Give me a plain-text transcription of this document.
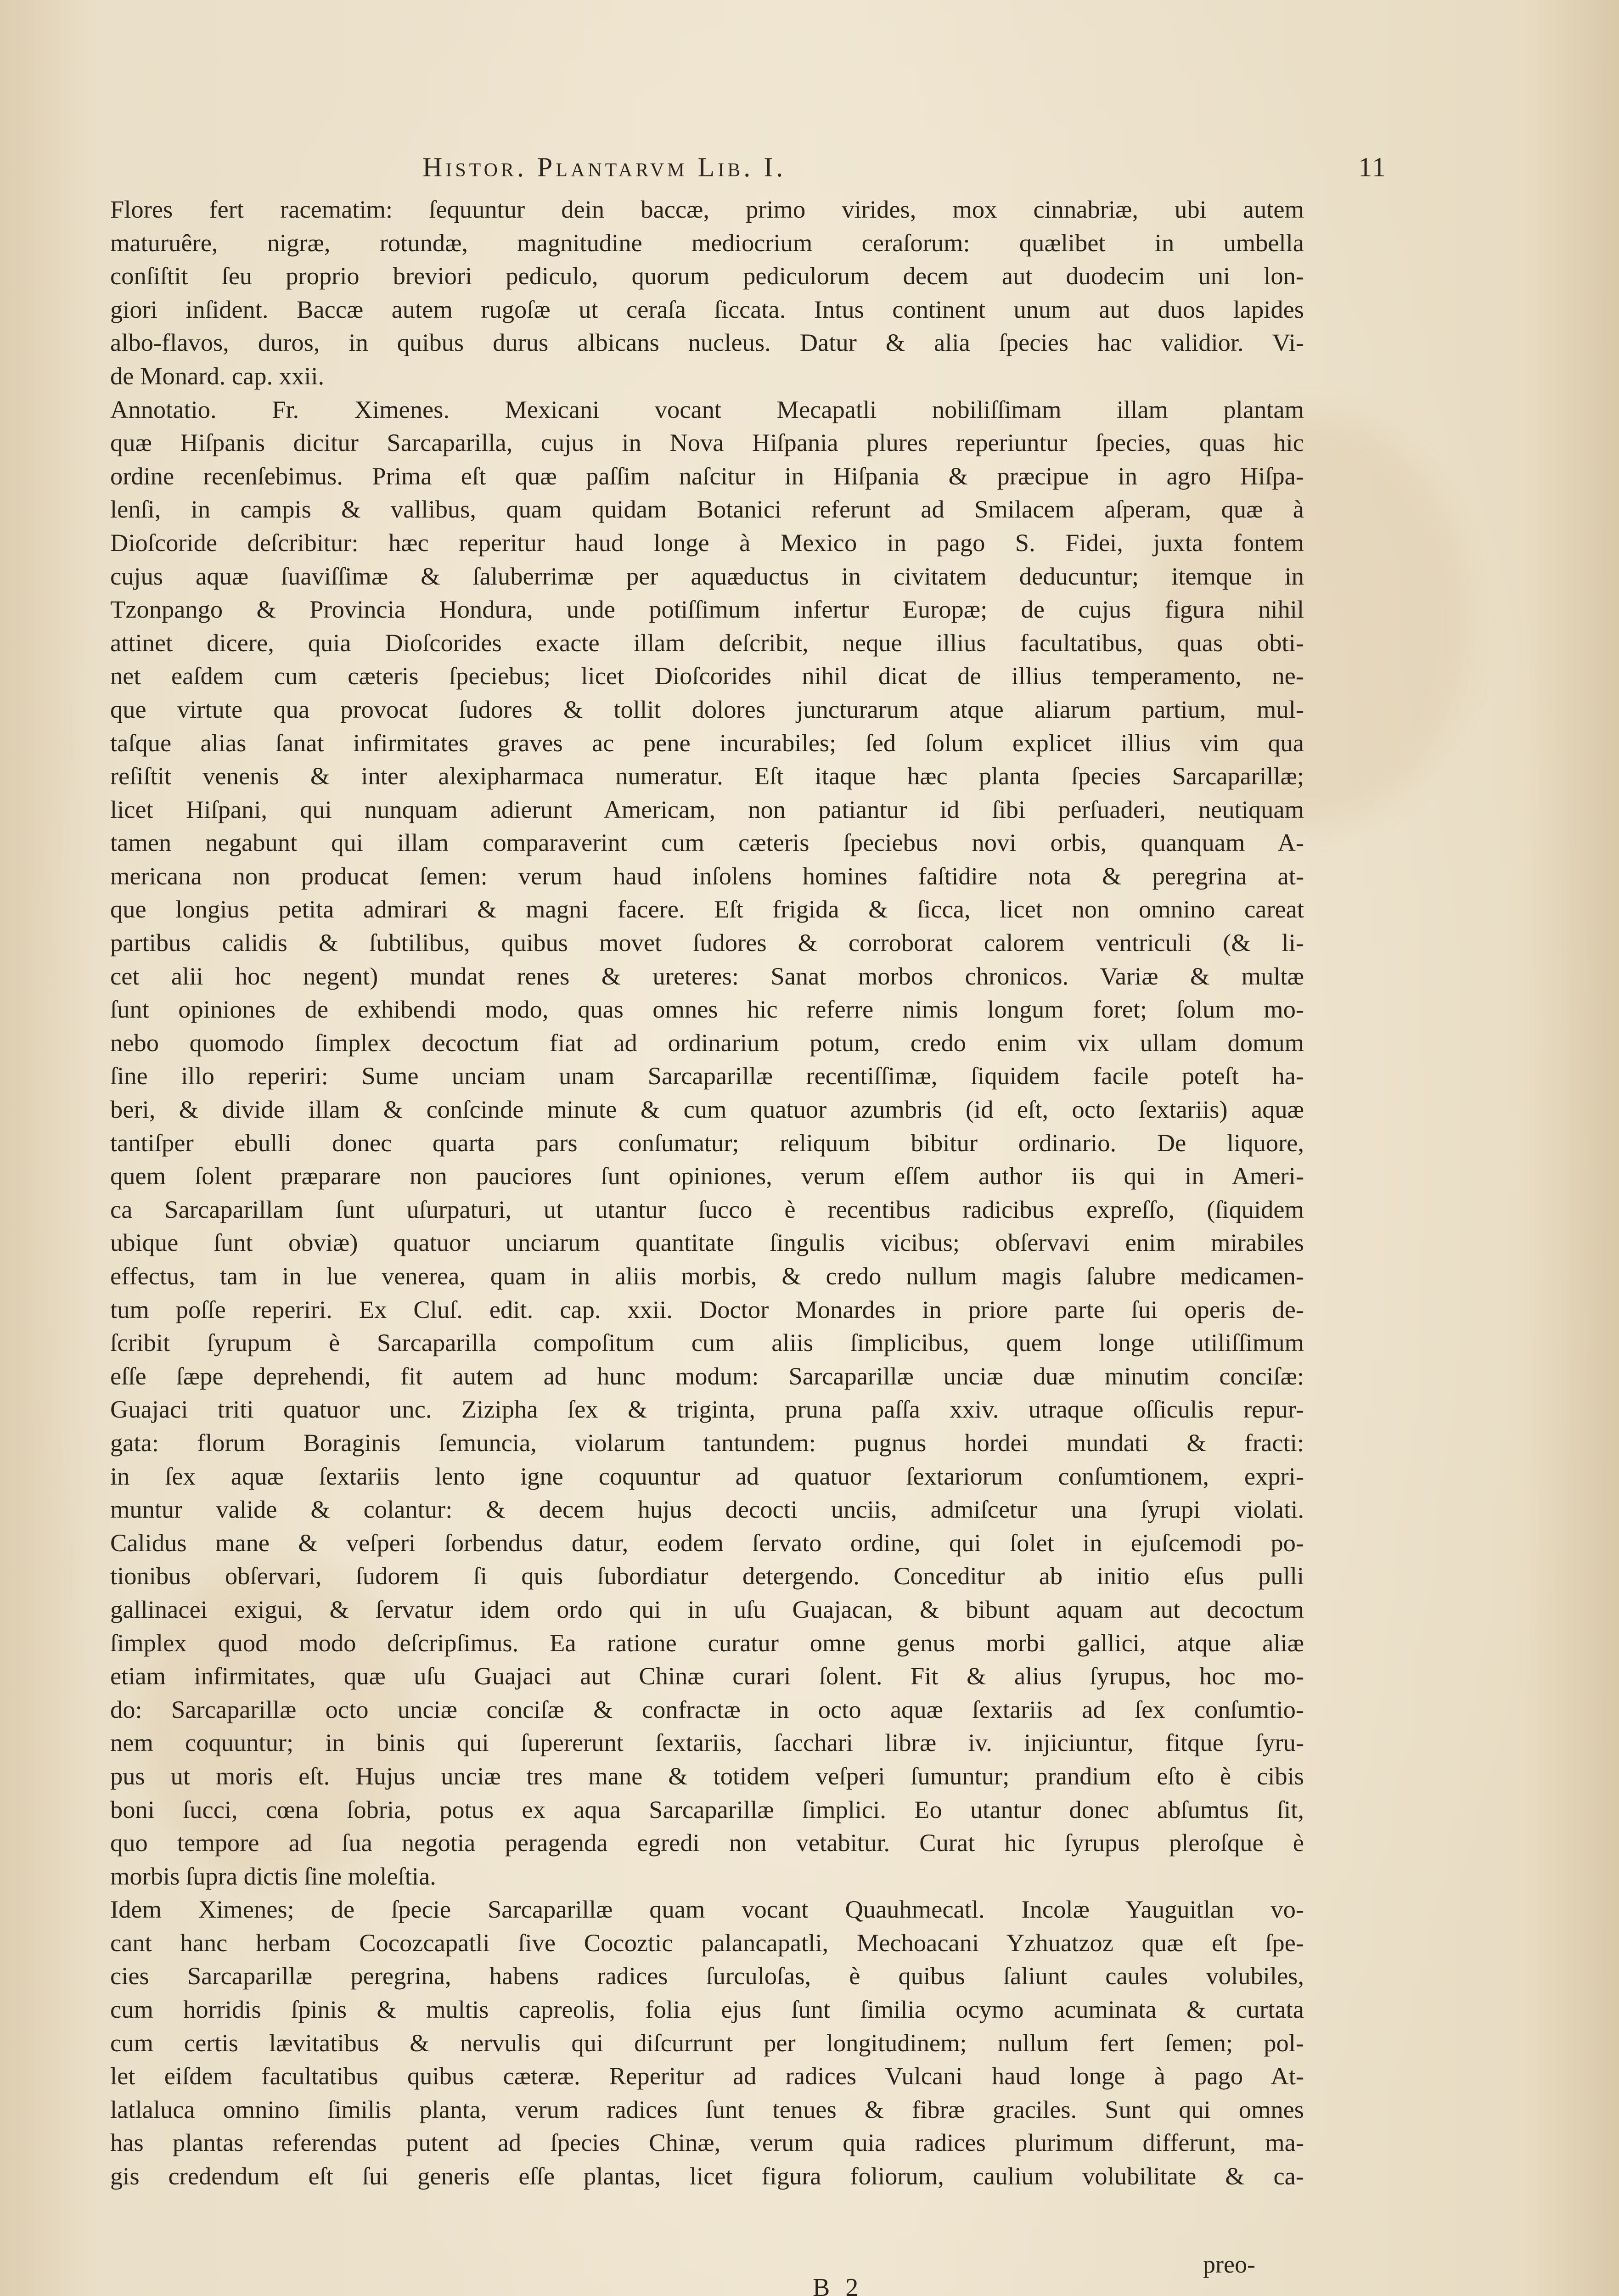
Histor. Plantarvm Lib. I.	11
Flores fert racematim: ſequuntur dein baccæ, primo virides, mox cinnabriæ, ubi autem
maturuêre, nigræ, rotundæ, magnitudine mediocrium ceraſorum: quælibet in umbella
conſiſtit ſeu proprio breviori pediculo, quorum pediculorum decem aut duodecim uni lon-
giori inſident. Baccæ autem rugoſæ ut ceraſa ſiccata. Intus continent unum aut duos lapides
albo-flavos, duros, in quibus durus albicans nucleus. Datur & alia ſpecies hac validior. Vi-
de Monard. cap. xxii.
Annotatio. Fr. Ximenes. Mexicani vocant Mecapatli nobiliſſimam illam plantam
quæ Hiſpanis dicitur Sarcaparilla, cujus in Nova Hiſpania plures reperiuntur ſpecies, quas hic
ordine recenſebimus. Prima eſt quæ paſſim naſcitur in Hiſpania & præcipue in agro Hiſpa-
lenſi, in campis & vallibus, quam quidam Botanici referunt ad Smilacem aſperam, quæ à
Dioſcoride deſcribitur: hæc reperitur haud longe à Mexico in pago S. Fidei, juxta fontem
cujus aquæ ſuaviſſimæ & ſaluberrimæ per aquæductus in civitatem deducuntur; itemque in
Tzonpango & Provincia Hondura, unde potiſſimum infertur Europæ; de cujus figura nihil
attinet dicere, quia Dioſcorides exacte illam deſcribit, neque illius facultatibus, quas obti-
net eaſdem cum cæteris ſpeciebus; licet Dioſcorides nihil dicat de illius temperamento, ne-
que virtute qua provocat ſudores & tollit dolores juncturarum atque aliarum partium, mul-
taſque alias ſanat infirmitates graves ac pene incurabiles; ſed ſolum explicet illius vim qua
reſiſtit venenis & inter alexipharmaca numeratur. Eſt itaque hæc planta ſpecies Sarcaparillæ;
licet Hiſpani, qui nunquam adierunt Americam, non patiantur id ſibi perſuaderi, neutiquam
tamen negabunt qui illam comparaverint cum cæteris ſpeciebus novi orbis, quanquam A-
mericana non producat ſemen: verum haud inſolens homines faſtidire nota & peregrina at-
que longius petita admirari & magni facere. Eſt frigida & ſicca, licet non omnino careat
partibus calidis & ſubtilibus, quibus movet ſudores & corroborat calorem ventriculi (& li-
cet alii hoc negent) mundat renes & ureteres: Sanat morbos chronicos. Variæ & multæ
ſunt opiniones de exhibendi modo, quas omnes hic referre nimis longum foret; ſolum mo-
nebo quomodo ſimplex decoctum fiat ad ordinarium potum, credo enim vix ullam domum
ſine illo reperiri: Sume unciam unam Sarcaparillæ recentiſſimæ, ſiquidem facile poteſt ha-
beri, & divide illam & conſcinde minute & cum quatuor azumbris (id eſt, octo ſextariis) aquæ
tantiſper ebulli donec quarta pars conſumatur; reliquum bibitur ordinario. De liquore,
quem ſolent præparare non pauciores ſunt opiniones, verum eſſem author iis qui in Ameri-
ca Sarcaparillam ſunt uſurpaturi, ut utantur ſucco è recentibus radicibus expreſſo, (ſiquidem
ubique ſunt obviæ) quatuor unciarum quantitate ſingulis vicibus; obſervavi enim mirabiles
effectus, tam in lue venerea, quam in aliis morbis, & credo nullum magis ſalubre medicamen-
tum poſſe reperiri. Ex Cluſ. edit. cap. xxii. Doctor Monardes in priore parte ſui operis de-
ſcribit ſyrupum è Sarcaparilla compoſitum cum aliis ſimplicibus, quem longe utiliſſimum
eſſe ſæpe deprehendi, fit autem ad hunc modum: Sarcaparillæ unciæ duæ minutim conciſæ:
Guajaci triti quatuor unc. Zizipha ſex & triginta, pruna paſſa xxiv. utraque oſſiculis repur-
gata: florum Boraginis ſemuncia, violarum tantundem: pugnus hordei mundati & fracti:
in ſex aquæ ſextariis lento igne coquuntur ad quatuor ſextariorum conſumtionem, expri-
muntur valide & colantur: & decem hujus decocti unciis, admiſcetur una ſyrupi violati.
Calidus mane & veſperi ſorbendus datur, eodem ſervato ordine, qui ſolet in ejuſcemodi po-
tionibus obſervari, ſudorem ſi quis ſubordiatur detergendo. Conceditur ab initio eſus pulli
gallinacei exigui, & ſervatur idem ordo qui in uſu Guajacan, & bibunt aquam aut decoctum
ſimplex quod modo deſcripſimus. Ea ratione curatur omne genus morbi gallici, atque aliæ
etiam infirmitates, quæ uſu Guajaci aut Chinæ curari ſolent. Fit & alius ſyrupus, hoc mo-
do: Sarcaparillæ octo unciæ conciſæ & confractæ in octo aquæ ſextariis ad ſex conſumtio-
nem coquuntur; in binis qui ſupererunt ſextariis, ſacchari libræ iv. injiciuntur, fitque ſyru-
pus ut moris eſt. Hujus unciæ tres mane & totidem veſperi ſumuntur; prandium eſto è cibis
boni ſucci, cœna ſobria, potus ex aqua Sarcaparillæ ſimplici. Eo utantur donec abſumtus ſit,
quo tempore ad ſua negotia peragenda egredi non vetabitur. Curat hic ſyrupus pleroſque è
morbis ſupra dictis ſine moleſtia.
Idem Ximenes; de ſpecie Sarcaparillæ quam vocant Quauhmecatl. Incolæ Yauguitlan vo-
cant hanc herbam Cocozcapatli ſive Cocoztic palancapatli, Mechoacani Yzhuatzoz quæ eſt ſpe-
cies Sarcaparillæ peregrina, habens radices ſurculoſas, è quibus ſaliunt caules volubiles,
cum horridis ſpinis & multis capreolis, folia ejus ſunt ſimilia ocymo acuminata & curtata
cum certis lævitatibus & nervulis qui diſcurrunt per longitudinem; nullum fert ſemen; pol-
let eiſdem facultatibus quibus cæteræ. Reperitur ad radices Vulcani haud longe à pago At-
latlaluca omnino ſimilis planta, verum radices ſunt tenues & fibræ graciles. Sunt qui omnes
has plantas referendas putent ad ſpecies Chinæ, verum quia radices plurimum differunt, ma-
gis credendum eſt ſui generis eſſe plantas, licet figura foliorum, caulium volubilitate & ca-
B 2
preo-
